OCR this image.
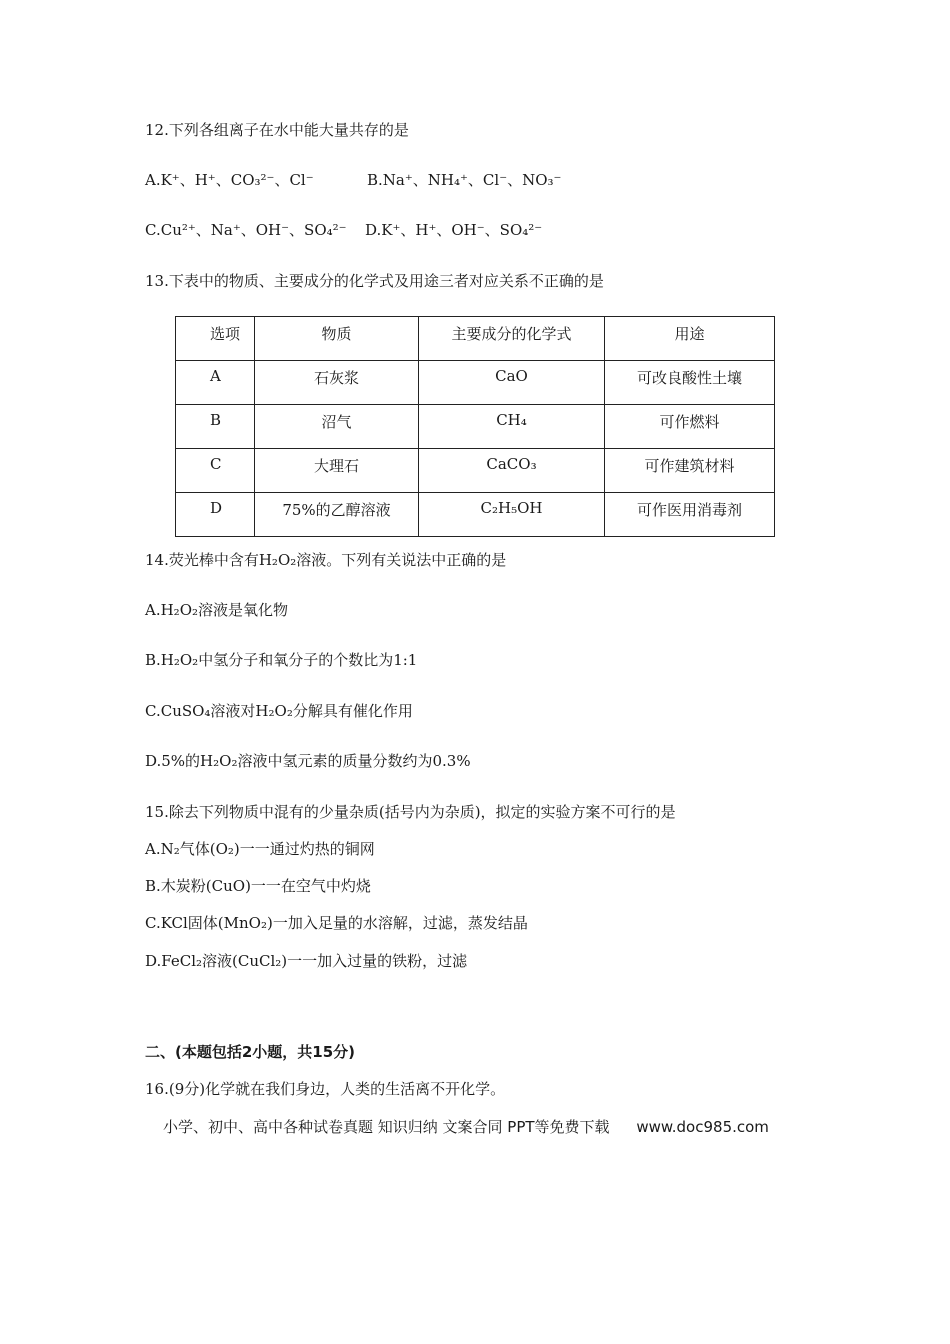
12.下列各组离子在水中能大量共存的是
A.K⁺、H⁺、CO₃²⁻、Cl⁻	B.Na⁺、NH₄⁺、Cl⁻、NO₃⁻
C.Cu²⁺、Na⁺、OH⁻、SO₄²⁻ D.K⁺、H⁺、OH⁻、SO₄²⁻
13.下表中的物质、主要成分的化学式及用途三者对应关系不正确的是
选项	物质	主要成分的化学式	用途
A	石灰浆	CaO	可改良酸性土壤
B	沼气	CH₄	可作燃料
C	大理石	CaCO₃	可作建筑材料
D	75%的乙醇溶液	C₂H₅OH	可作医用消毒剂
14.荧光棒中含有H₂O₂溶液。下列有关说法中正确的是
A.H₂O₂溶液是氧化物
B.H₂O₂中氢分子和氧分子的个数比为1:1
C.CuSO₄溶液对H₂O₂分解具有催化作用
D.5%的H₂O₂溶液中氢元素的质量分数约为0.3%
15.除去下列物质中混有的少量杂质(括号内为杂质)，拟定的实验方案不可行的是
A.N₂气体(O₂)一一通过灼热的铜网
B.木炭粉(CuO)一一在空气中灼烧
C.KCl固体(MnO₂)一加入足量的水溶解，过滤，蒸发结晶
D.FeCl₂溶液(CuCl₂)一一加入过量的铁粉，过滤
二、(本题包括2小题，共15分)
16.(9分)化学就在我们身边，人类的生活离不开化学。
小学、初中、高中各种试卷真题 知识归纳 文案合同 PPT等免费下载 www.doc985.com
